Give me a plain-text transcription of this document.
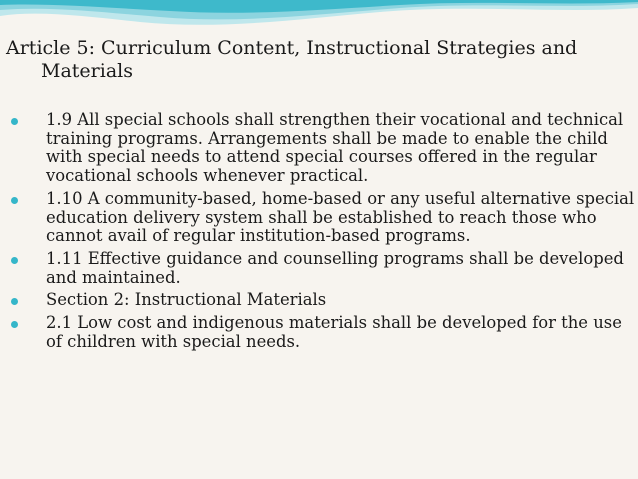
Article 5: Curriculum Content, Instructional Strategies and Materials
1.9 All special schools shall strengthen their vocational and technical training programs. Arrangements shall be made to enable the child with special needs to attend special courses offered in the regular vocational schools whenever practical.
1.10 A community-based, home-based or any useful alternative special education delivery system shall be established to reach those who cannot avail of regular institution-based programs.
1.11 Effective guidance and counselling programs shall be developed and maintained.
Section 2: Instructional Materials
2.1 Low cost and indigenous materials shall be developed for the use of children with special needs.
